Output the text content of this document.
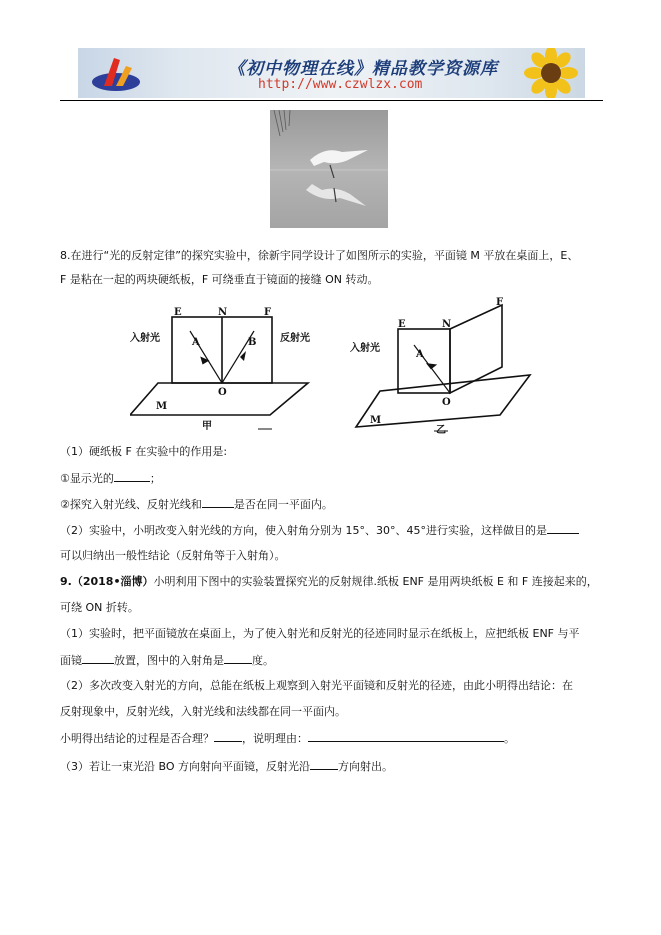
《初中物理在线》精品教学资源库
http://www.czwlzx.com
8.在进行“光的反射定律”的探究实验中，徐新宇同学设计了如图所示的实验，平面镜 M 平放在桌面上，E、
F 是粘在一起的两块硬纸板，F 可绕垂直于镜面的接缝 ON 转动。
E	N	F
A	B
O
M
入射光	反射光
甲
E	N
F
A
O
M
入射光
乙
（1）硬纸板 F 在实验中的作用是:
①显示光的	；
②探究入射光线、反射光线和	是否在同一平面内。
（2）实验中，小明改变入射光线的方向，使入射角分别为 15°、30°、45°进行实验，这样做目的是
可以归纳出一般性结论（反射角等于入射角）。
9.（2018•淄博）小明利用下图中的实验装置探究光的反射规律.纸板 ENF 是用两块纸板 E 和 F 连接起来的，
可绕 ON 折转。
（1）实验时，把平面镜放在桌面上，为了使入射光和反射光的径迹同时显示在纸板上，应把纸板 ENF 与平
面镜	放置，图中的入射角是	度。
（2）多次改变入射光的方向，总能在纸板上观察到入射光平面镜和反射光的径迹，由此小明得出结论：在
反射现象中，反射光线，入射光线和法线都在同一平面内。
小明得出结论的过程是否合理？	，说明理由：	。
（3）若让一束光沿 BO 方向射向平面镜，反射光沿	方向射出。
